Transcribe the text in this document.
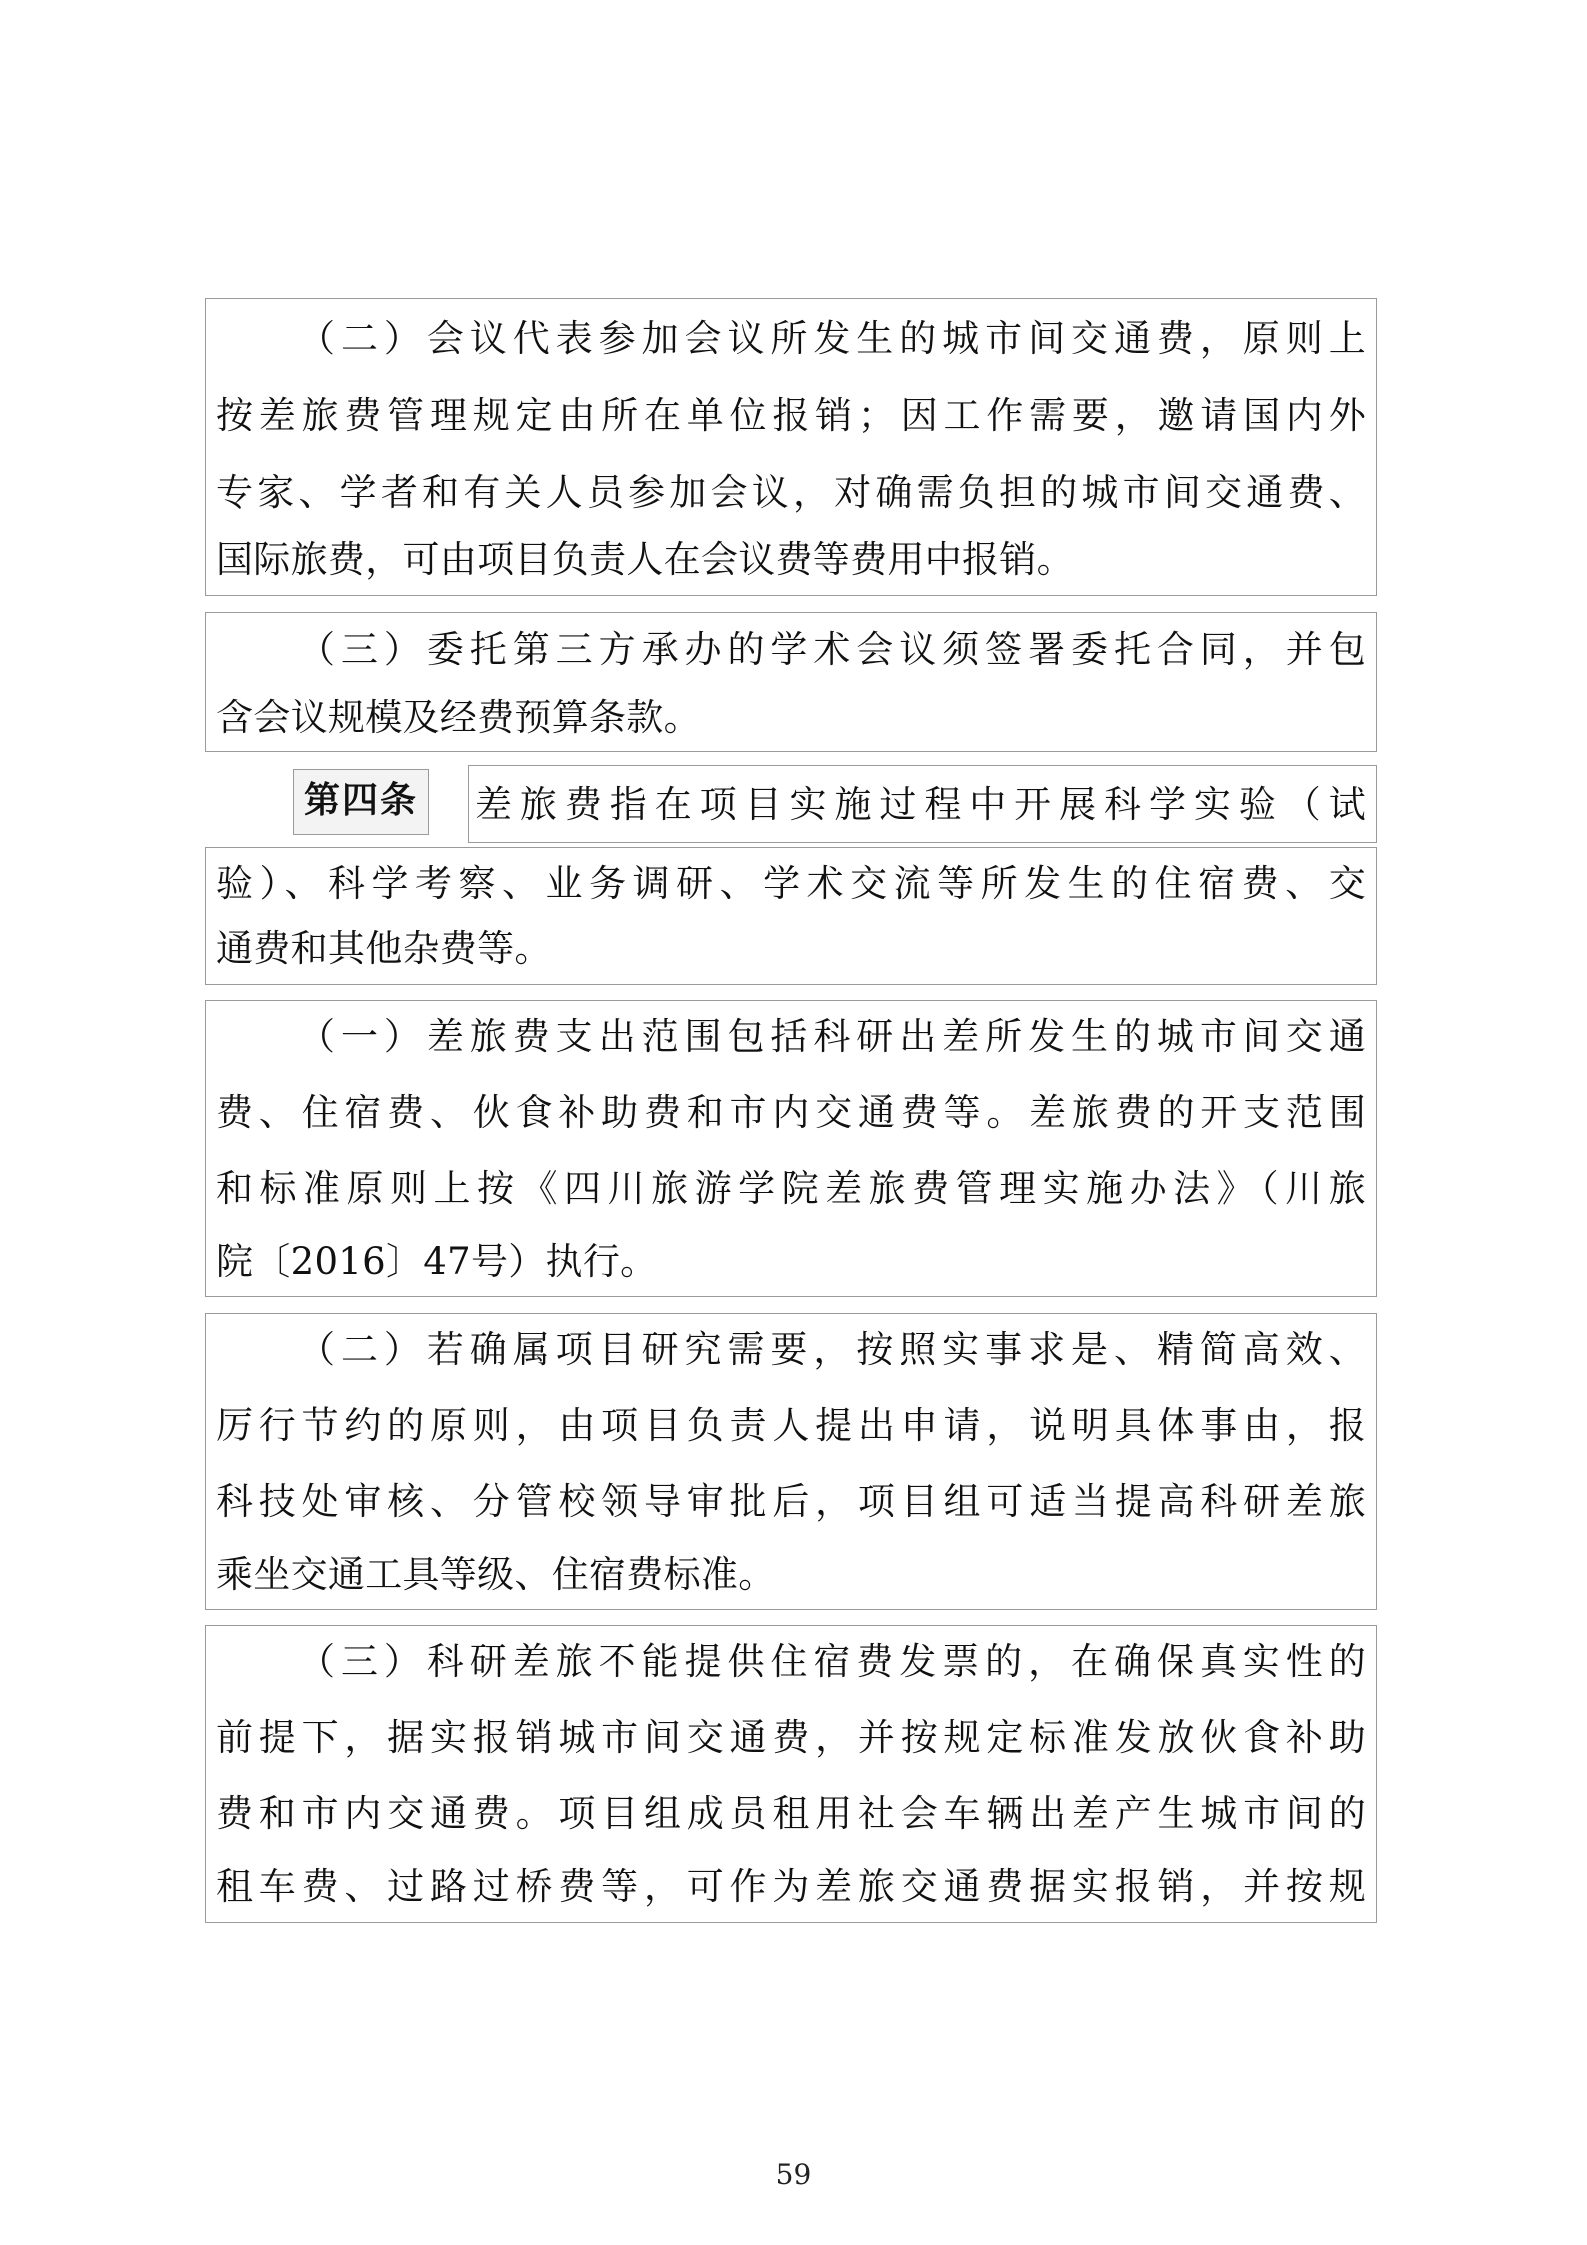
（二）会议代表参加会议所发生的城市间交通费，原则上
按差旅费管理规定由所在单位报销；因工作需要，邀请国内外
专家、学者和有关人员参加会议，对确需负担的城市间交通费、
国际旅费，可由项目负责人在会议费等费用中报销。
（三）委托第三方承办的学术会议须签署委托合同，并包
含会议规模及经费预算条款。
第四条 差旅费指在项目实施过程中开展科学实验（试
验）、科学考察、业务调研、学术交流等所发生的住宿费、交
通费和其他杂费等。
（一）差旅费支出范围包括科研出差所发生的城市间交通
费、住宿费、伙食补助费和市内交通费等。差旅费的开支范围
和标准原则上按《四川旅游学院差旅费管理实施办法》（川旅
院〔2016〕47号）执行。
（二）若确属项目研究需要，按照实事求是、精简高效、
厉行节约的原则，由项目负责人提出申请，说明具体事由，报
科技处审核、分管校领导审批后，项目组可适当提高科研差旅
乘坐交通工具等级、住宿费标准。
（三）科研差旅不能提供住宿费发票的，在确保真实性的
前提下，据实报销城市间交通费，并按规定标准发放伙食补助
费和市内交通费。项目组成员租用社会车辆出差产生城市间的
租车费、过路过桥费等，可作为差旅交通费据实报销，并按规
59
